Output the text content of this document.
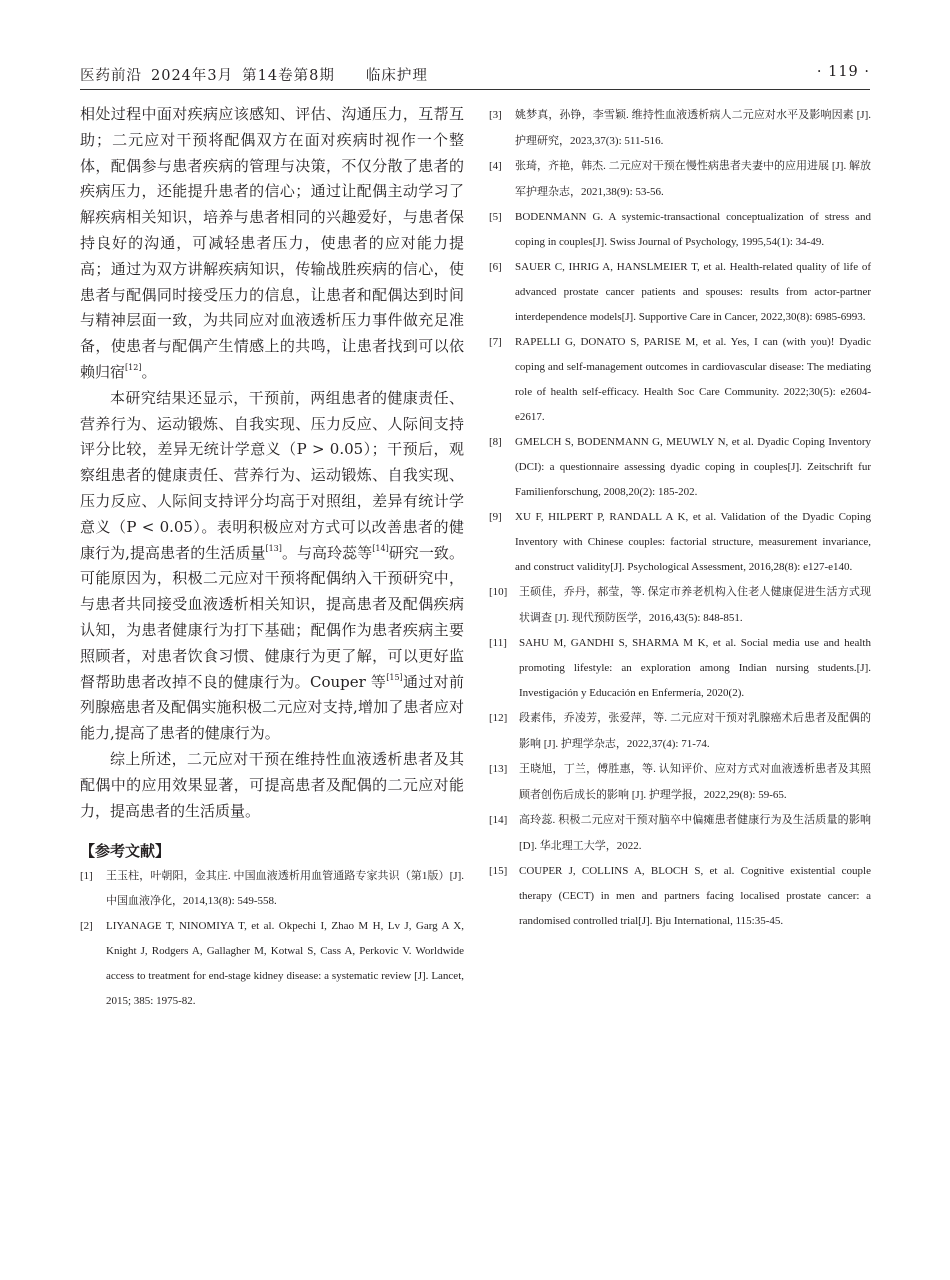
医药前沿 2024年3月 第14卷第8期 临床护理	· 119 ·

相处过程中面对疾病应该感知、评估、沟通压力，互帮互助；二元应对干预将配偶双方在面对疾病时视作一个整体，配偶参与患者疾病的管理与决策，不仅分散了患者的疾病压力，还能提升患者的信心；通过让配偶主动学习了解疾病相关知识，培养与患者相同的兴趣爱好，与患者保持良好的沟通，可减轻患者压力，使患者的应对能力提高；通过为双方讲解疾病知识，传输战胜疾病的信心，使患者与配偶同时接受压力的信息，让患者和配偶达到时间与精神层面一致，为共同应对血液透析压力事件做充足准备，使患者与配偶产生情感上的共鸣，让患者找到可以依赖归宿[12]。

本研究结果还显示，干预前，两组患者的健康责任、营养行为、运动锻炼、自我实现、压力反应、人际间支持评分比较，差异无统计学意义（P > 0.05）；干预后，观察组患者的健康责任、营养行为、运动锻炼、自我实现、压力反应、人际间支持评分均高于对照组，差异有统计学意义（P < 0.05）。表明积极应对方式可以改善患者的健康行为,提高患者的生活质量[13]。与高玲蕊等[14]研究一致。可能原因为，积极二元应对干预将配偶纳入干预研究中，与患者共同接受血液透析相关知识，提高患者及配偶疾病认知，为患者健康行为打下基础；配偶作为患者疾病主要照顾者，对患者饮食习惯、健康行为更了解，可以更好监督帮助患者改掉不良的健康行为。Couper 等[15]通过对前列腺癌患者及配偶实施积极二元应对支持,增加了患者应对能力,提高了患者的健康行为。

综上所述，二元应对干预在维持性血液透析患者及其配偶中的应用效果显著，可提高患者及配偶的二元应对能力，提高患者的生活质量。

【参考文献】
[1] 王玉柱，叶朝阳，金其庄. 中国血液透析用血管通路专家共识（第1版）[J]. 中国血液净化，2014,13(8): 549-558.
[2] LIYANAGE T, NINOMIYA T, et al. Okpechi I, Zhao M H, Lv J, Garg A X, Knight J, Rodgers A, Gallagher M, Kotwal S, Cass A, Perkovic V. Worldwide access to treatment for end-stage kidney disease: a systematic review [J]. Lancet, 2015; 385: 1975-82.
[3] 姚梦真，孙铮，李雪颖. 维持性血液透析病人二元应对水平及影响因素 [J]. 护理研究，2023,37(3): 511-516.
[4] 张琦，齐艳，韩杰. 二元应对干预在慢性病患者夫妻中的应用进展 [J]. 解放军护理杂志，2021,38(9): 53-56.
[5] BODENMANN G. A systemic-transactional conceptualization of stress and coping in couples[J]. Swiss Journal of Psychology, 1995,54(1): 34-49.
[6] SAUER C, IHRIG A, HANSLMEIER T, et al. Health-related quality of life of advanced prostate cancer patients and spouses: results from actor-partner interdependence models[J]. Supportive Care in Cancer, 2022,30(8): 6985-6993.
[7] RAPELLI G, DONATO S, PARISE M, et al. Yes, I can (with you)! Dyadic coping and self-management outcomes in cardiovascular disease: The mediating role of health self-efficacy. Health Soc Care Community. 2022;30(5): e2604-e2617.
[8] GMELCH S, BODENMANN G, MEUWLY N, et al. Dyadic Coping Inventory (DCI): a questionnaire assessing dyadic coping in couples[J]. Zeitschrift fur Familienforschung, 2008,20(2): 185-202.
[9] XU F, HILPERT P, RANDALL A K, et al. Validation of the Dyadic Coping Inventory with Chinese couples: factorial structure, measurement invariance, and construct validity[J]. Psychological Assessment, 2016,28(8): e127-e140.
[10] 王硕佳，乔丹，郝莹，等. 保定市养老机构入住老人健康促进生活方式现状调查 [J]. 现代预防医学，2016,43(5): 848-851.
[11] SAHU M, GANDHI S, SHARMA M K, et al. Social media use and health promoting lifestyle: an exploration among Indian nursing students.[J]. Investigación y Educación en Enfermería, 2020(2).
[12] 段素伟，乔凌芳，张爱萍，等. 二元应对干预对乳腺癌术后患者及配偶的影响 [J]. 护理学杂志，2022,37(4): 71-74.
[13] 王晓旭，丁兰，傅胜惠，等. 认知评价、应对方式对血液透析患者及其照顾者创伤后成长的影响 [J]. 护理学报，2022,29(8): 59-65.
[14] 高玲蕊. 积极二元应对干预对脑卒中偏瘫患者健康行为及生活质量的影响 [D]. 华北理工大学，2022.
[15] COUPER J, COLLINS A, BLOCH S, et al. Cognitive existential couple therapy (CECT) in men and partners facing localised prostate cancer: a randomised controlled trial[J]. Bju International, 115:35-45.
